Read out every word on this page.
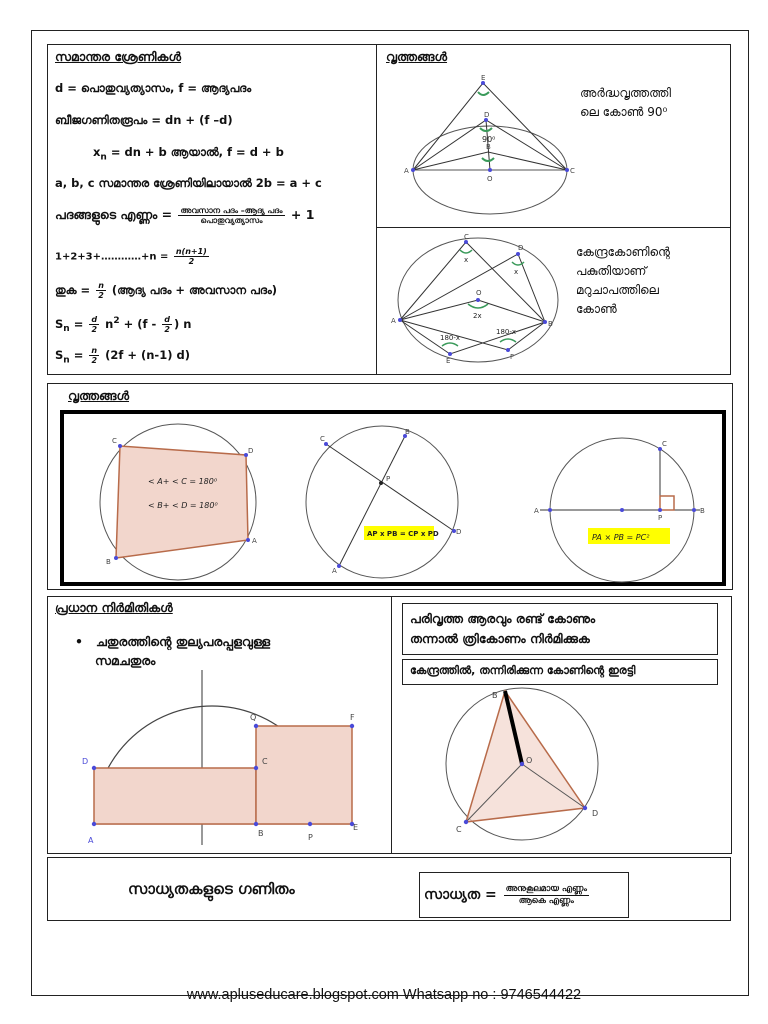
സമാന്തര ശ്രേണികൾ
d = പൊതുവ്യത്യാസം, f = ആദ്യപദം
ബീജഗണിതരൂപം = dn + (f –d)
$x_n$ = dn + b ആയാൽ, f = d + b
a, b, c സമാന്തര ശ്രേണിയിലായാൽ 2b = a + c
പദങ്ങളുടെ എണ്ണം = $\frac{\text{അവസാന പദം –ആദ്യ പദം}}{\text{പൊതുവ്യത്യാസം}} + 1$
1+2+3+…………+n = $\frac{n(n+1)}{2}$
തുക = $\frac{n}{2}$ (ആദ്യ പദം + അവസാന പദം)
$S_n = \frac{d}{2} n^2 + (f - \frac{d}{2}$ ) n
$S_n = \frac{n}{2} (2f + (n-1)$ d)
വൃത്തങ്ങൾ
A	C
E
D
O
B
90⁰
അർദ്ധവൃത്തത്തി
ലെ കോൺ 90⁰
A	B
C
D
O
E	F
x
x
2x
180-x
180-x
കേന്ദ്രകോണിന്റെ
പകുതിയാണ്
മറുചാപത്തിലെ
കോൺ
വൃത്തങ്ങൾ
< A+ < C = 180⁰
< B+ < D = 180⁰
C
D
A
B
AP x PB = CP x PD
C
B
P
D
A
PA × PB = PC²
A
C
P
B
പ്രധാന നിർമിതികൾ
•   ചതുരത്തിന്റെ തുല്യപരപ്പളവുള്ള
സമചതുരം
A
D	C
B
Q	F
E
P
പരിവൃത്ത ആരവും രണ്ട് കോണും
തന്നാൽ ത്രികോണം നിർമിക്കുക
കേന്ദ്രത്തിൽ, തന്നിരിക്കുന്ന കോണിന്റെ ഇരട്ടി
B
O
C
D
സാധ്യതകളുടെ ഗണിതം	സാധ്യത = $\frac{\text{അനുകൂലമായ എണ്ണം}}{\text{ആകെ എണ്ണം}}$
www.apluseducare.blogspot.com Whatsapp no : 9746544422
